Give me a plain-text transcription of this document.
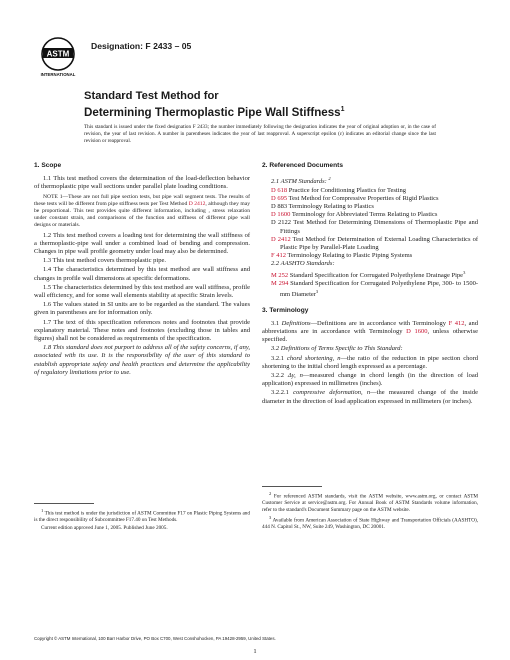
ASTM
INTERNATIONAL
Designation: F 2433 – 05
Standard Test Method for
Determining Thermoplastic Pipe Wall Stiffness$^1$
This standard is issued under the fixed designation F 2433; the number immediately following the designation indicates the year of original adoption or, in the case of revision, the year of last revision. A number in parentheses indicates the year of last reapproval. A superscript epsilon (ε) indicates an editorial change since the last revision or reapproval.
1. Scope

1.1 This test method covers the determination of the load-deflection behavior of thermoplastic pipe wall sections under parallel plate loading conditions.

NOTE 1—These are not full pipe section tests, but pipe wall segment tests. The results of these tests will be different from pipe stiffness tests per Test Method D 2412, although they may be proportional. This test provides quite different information, including , stress relaxation under constant strain, and comparisons of the function and stiffness of different pipe wall designs or materials.

1.2 This test method covers a loading test for determining the wall stiffness of a thermoplastic-pipe wall under a combined load of bending and compression. Changes in pipe wall profile geometry under load may also be determined.

1.3 This test method covers thermoplastic pipe.

1.4 The characteristics determined by this test method are wall stiffness and changes in profile wall dimensions at specific deformations.

1.5 The characteristics determined by this test method are wall stiffness, profile wall efficiency, and for some wall elements stability at specific Strain levels.

1.6 The values stated in SI units are to be regarded as the standard. The values given in parentheses are for information only.

1.7 The text of this specification references notes and footnotes that provide explanatory material. These notes and footnotes (excluding those in tables and figures) shall not be considered as requirements of the specification.

1.8 This standard does not purport to address all of the safety concerns, if any, associated with its use. It is the responsibility of the user of this standard to establish appropriate safety and health practices and determine the applicability of regulatory limitations prior to use.

2. Referenced Documents

2.1 ASTM Standards: $^2$

D 618 Practice for Conditioning Plastics for Testing

D 695 Test Method for Compressive Properties of Rigid Plastics

D 883 Terminology Relating to Plastics

D 1600 Terminology for Abbreviated Terms Relating to Plastics

D 2122 Test Method for Determining Dimensions of Thermoplastic Pipe and Fittings

D 2412 Test Method for Determination of External Loading Characteristics of Plastic Pipe by Parallel-Plate Loading

F 412 Terminology Relating to Plastic Piping Systems

2.2 AASHTO Standards:

M 252 Standard Specification for Corrugated Polyethylene Drainage Pipe$^3$

M 294 Standard Specification for Corrugated Polyethylene Pipe, 300- to 1500-mm Diameter$^3$

3. Terminology

3.1 Definitions—Definitions are in accordance with Terminology F 412, and abbreviations are in accordance with Terminology D 1600, unless otherwise specified.

3.2 Definitions of Terms Specific to This Standard:

3.2.1 chord shortening, n—the ratio of the reduction in pipe section chord shortening to the initial chord length expressed as a percentage.

3.2.2 Δy, n—measured change in chord length (in the direction of load application) expressed in millimetres (inches).

3.2.2.1 compressive deformation, n—the measured change of the inside diameter in the direction of load application expressed in millimeters (or inches).

$^1$ This test method is under the jurisdiction of ASTM Committee F17 on Plastic Piping Systems and is the direct responsibility of Subcommittee F17.40 on Test Methods.

Current edition approved June 1, 2005. Published June 2005.

$^2$ For referenced ASTM standards, visit the ASTM website, www.astm.org, or contact ASTM Customer Service at service@astm.org. For Annual Book of ASTM Standards volume information, refer to the standard's Document Summary page on the ASTM website.

$^3$ Available from American Association of State Highway and Transportation Officials (AASHTO), 444 N. Capitol St., NW, Suite 249, Washington, DC 20001.

Copyright © ASTM International, 100 Barr Harbor Drive, PO Box C700, West Conshohocken, PA 19428-2959, United States.
1
